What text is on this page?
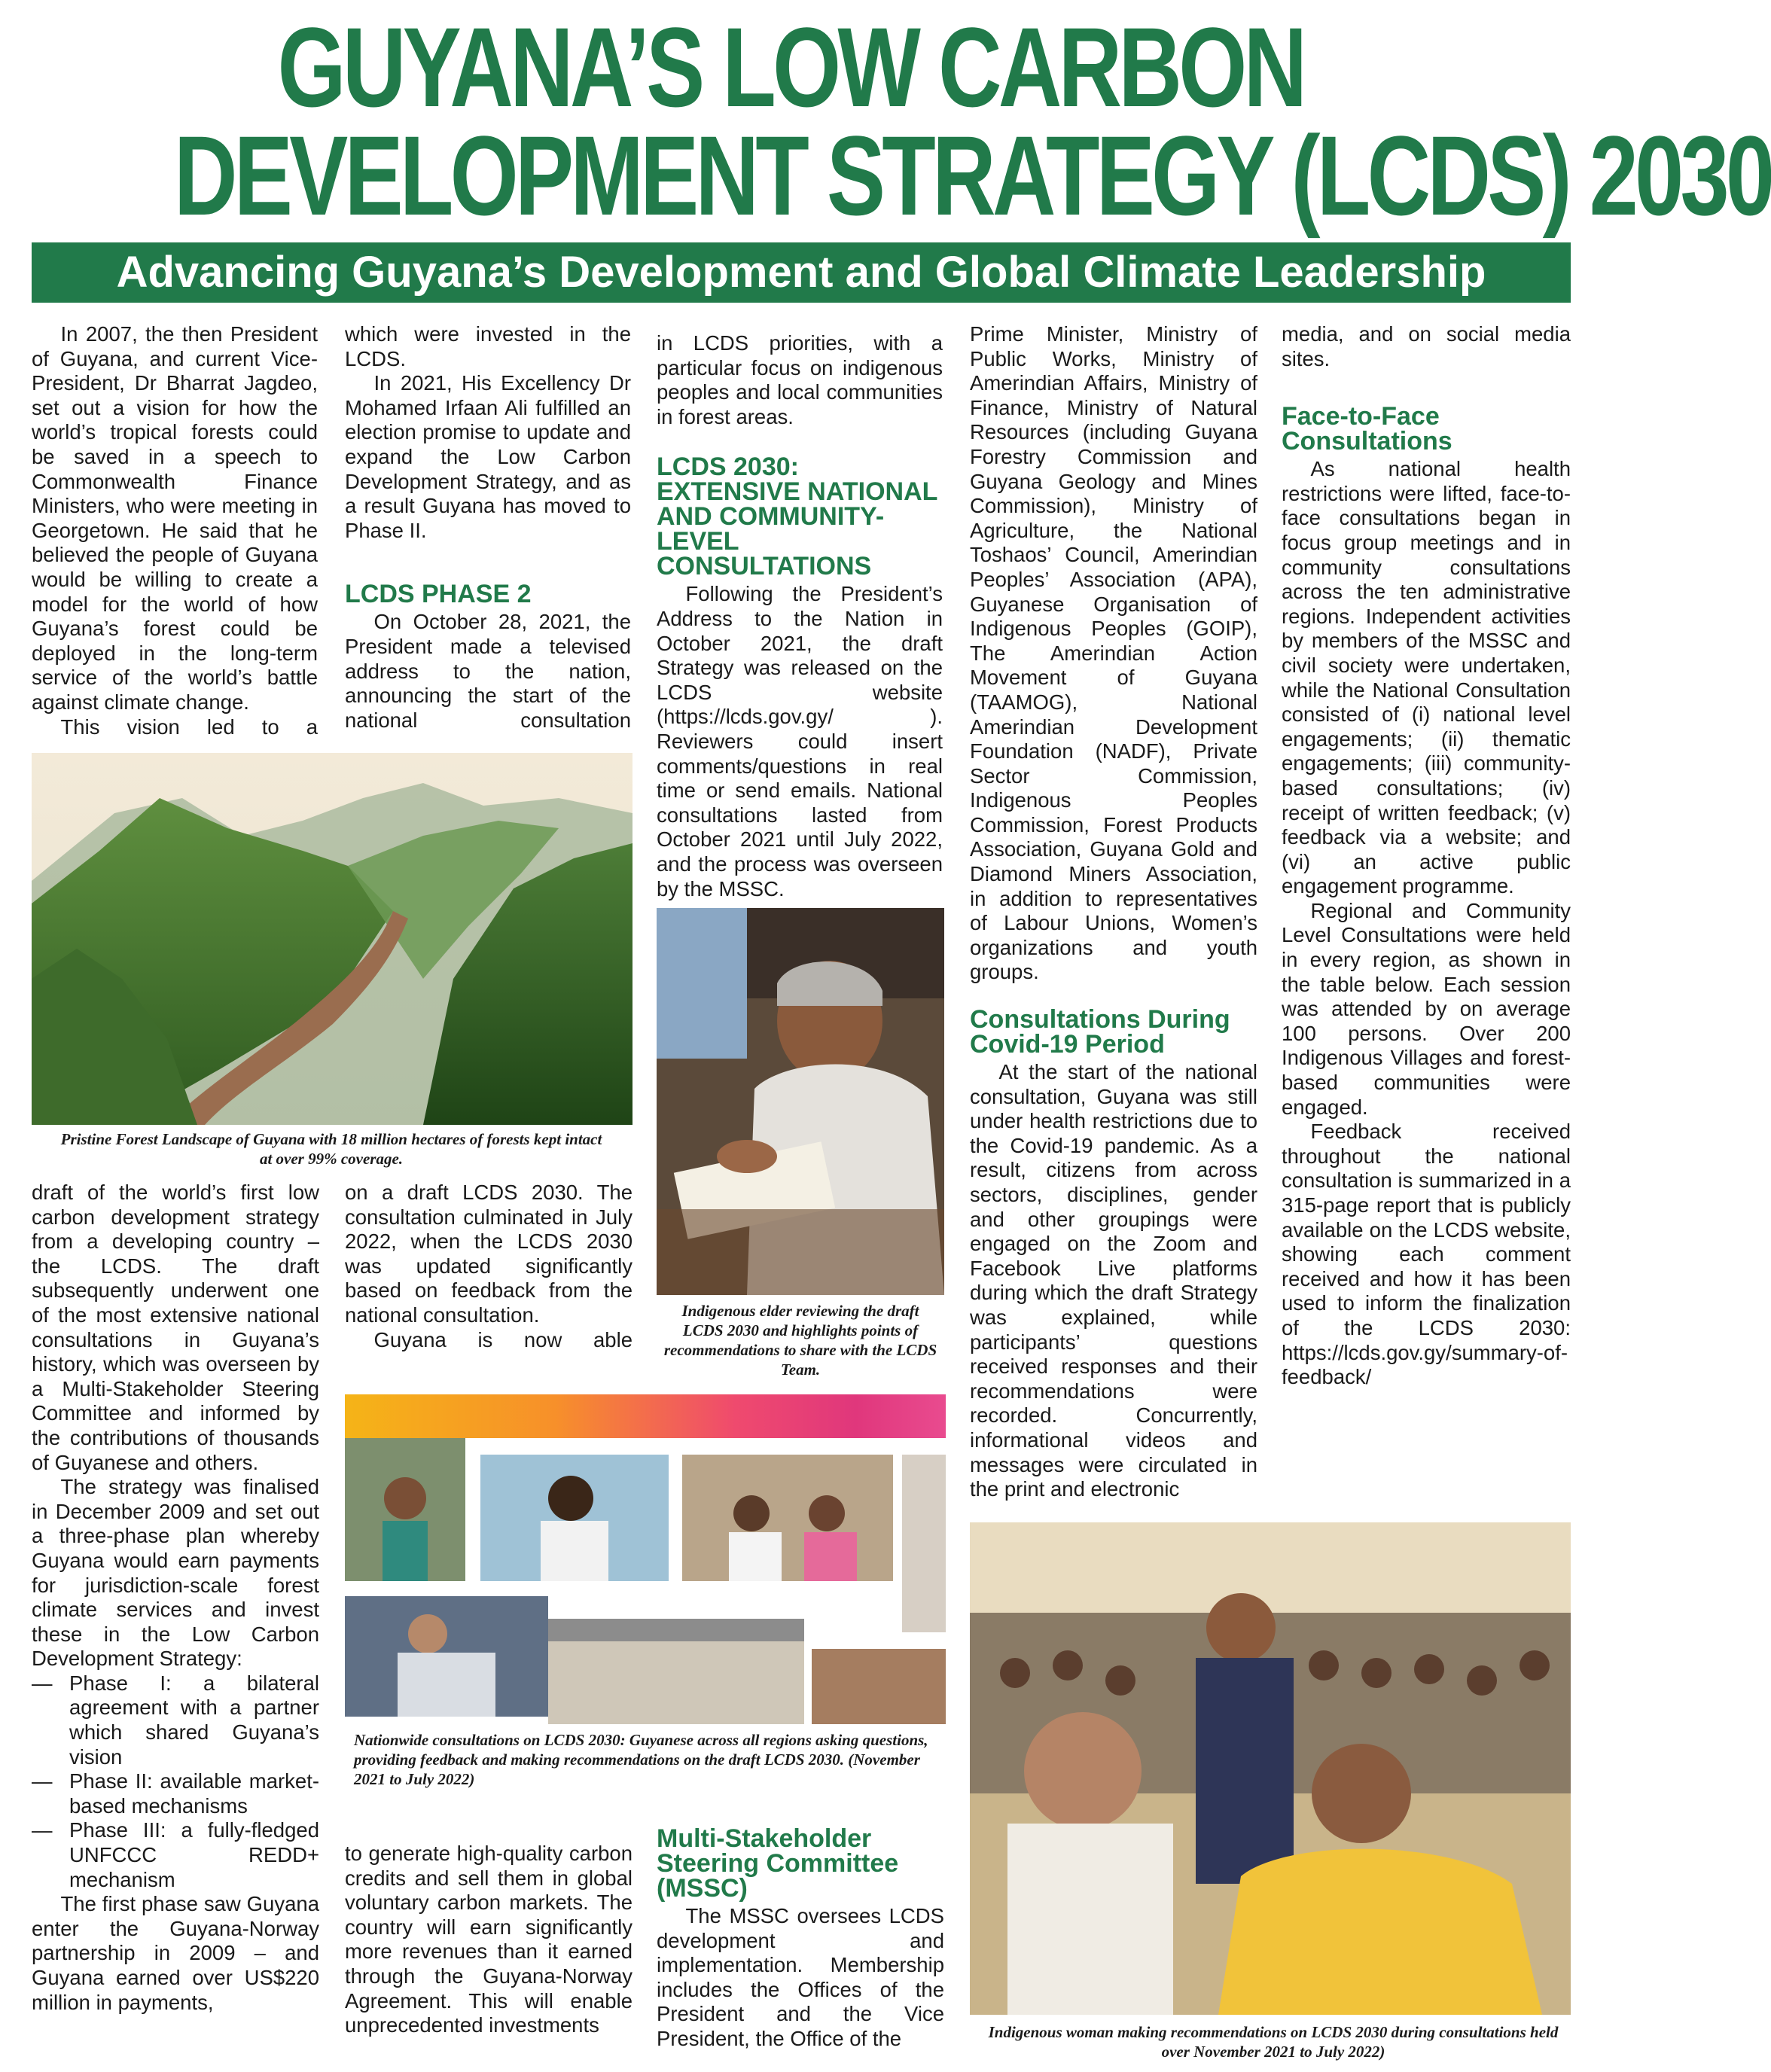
GUYANA’S LOW CARBON
DEVELOPMENT STRATEGY (LCDS) 2030
Advancing Guyana’s Development and Global Climate Leadership

In 2007, the then President of Guyana, and current Vice-President, Dr Bharrat Jagdeo, set out a vision for how the world’s tropical forests could be saved in a speech to Commonwealth Finance Ministers, who were meeting in Georgetown. He said that he believed the people of Guyana would be willing to create a model for the world of how Guyana’s forest could be deployed in the long-term service of the world’s battle against climate change.

This vision led to a

which were invested in the LCDS.

In 2021, His Excellency Dr Mohamed Irfaan Ali fulfilled an election promise to update and expand the Low Carbon Development Strategy, and as a result Guyana has moved to Phase II.

LCDS PHASE 2

On October 28, 2021, the President made a televised address to the nation, announcing the start of the national consultation

Pristine Forest Landscape of Guyana with 18 million hectares of forests kept intact at over 99% coverage.

in LCDS priorities, with a particular focus on indigenous peoples and local communities in forest areas.

LCDS 2030: EXTENSIVE NATIONAL AND COMMUNITY-LEVEL CONSULTATIONS

Following the President’s Address to the Nation in October 2021, the draft Strategy was released on the LCDS website (https://lcds.gov.gy/ ). Reviewers could insert comments/questions in real time or send emails. National consultations lasted from October 2021 until July 2022, and the process was overseen by the MSSC.

Indigenous elder reviewing the draft LCDS 2030 and highlights points of recommendations to share with the LCDS Team.

Prime Minister, Ministry of Public Works, Ministry of Amerindian Affairs, Ministry of Finance, Ministry of Natural Resources (including Guyana Forestry Commission and Guyana Geology and Mines Commission), Ministry of Agriculture, the National Toshaos’ Council, Amerindian Peoples’ Association (APA), Guyanese Organisation of Indigenous Peoples (GOIP), The Amerindian Action Movement of Guyana (TAAMOG), National Amerindian Development Foundation (NADF), Private Sector Commission, Indigenous Peoples Commission, Forest Products Association, Guyana Gold and Diamond Miners Association, in addition to representatives of Labour Unions, Women’s organizations and youth groups.

Consultations During Covid-19 Period

At the start of the national consultation, Guyana was still under health restrictions due to the Covid-19 pandemic. As a result, citizens from across sectors, disciplines, gender and other groupings were engaged on the Zoom and Facebook Live platforms during which the draft Strategy was explained, while participants’ questions received responses and their recommendations were recorded. Concurrently, informational videos and messages were circulated in the print and electronic

media, and on social media sites.

Face-to-Face Consultations

As national health restrictions were lifted, face-to-face consultations began in focus group meetings and in community consultations across the ten administrative regions. Independent activities by members of the MSSC and civil society were undertaken, while the National Consultation consisted of (i) national level engagements; (ii) thematic engagements; (iii) community-based consultations; (iv) receipt of written feedback; (v) feedback via a website; and (vi) an active public engagement programme.

Regional and Community Level Consultations were held in every region, as shown in the table below. Each session was attended by on average 100 persons. Over 200 Indigenous Villages and forest-based communities were engaged.

Feedback received throughout the national consultation is summarized in a 315-page report that is publicly available on the LCDS website, showing each comment received and how it has been used to inform the finalization of the LCDS 2030: https://lcds.gov.gy/summary-of-feedback/

draft of the world’s first low carbon development strategy from a developing country – the LCDS. The draft subsequently underwent one of the most extensive national consultations in Guyana’s history, which was overseen by a Multi-Stakeholder Steering Committee and informed by the contributions of thousands of Guyanese and others.

The strategy was finalised in December 2009 and set out a three-phase plan whereby Guyana would earn payments for jurisdiction-scale forest climate services and invest these in the Low Carbon Development Strategy:

— Phase I: a bilateral agreement with a partner which shared Guyana’s vision
— Phase II: available market-based mechanisms
— Phase III: a fully-fledged UNFCCC REDD+ mechanism

The first phase saw Guyana enter the Guyana-Norway partnership in 2009 – and Guyana earned over US$220 million in payments,

on a draft LCDS 2030. The consultation culminated in July 2022, when the LCDS 2030 was updated significantly based on feedback from the national consultation.

Guyana is now able

Nationwide consultations on LCDS 2030: Guyanese across all regions asking questions, providing feedback and making recommendations on the draft LCDS 2030. (November 2021 to July 2022)

to generate high-quality carbon credits and sell them in global voluntary carbon markets. The country will earn significantly more revenues than it earned through the Guyana-Norway Agreement. This will enable unprecedented investments

Multi-Stakeholder Steering Committee (MSSC)

The MSSC oversees LCDS development and implementation. Membership includes the Offices of the President and the Vice President, the Office of the	Indigenous woman making recommendations on LCDS 2030 during consultations held over November 2021 to July 2022)
